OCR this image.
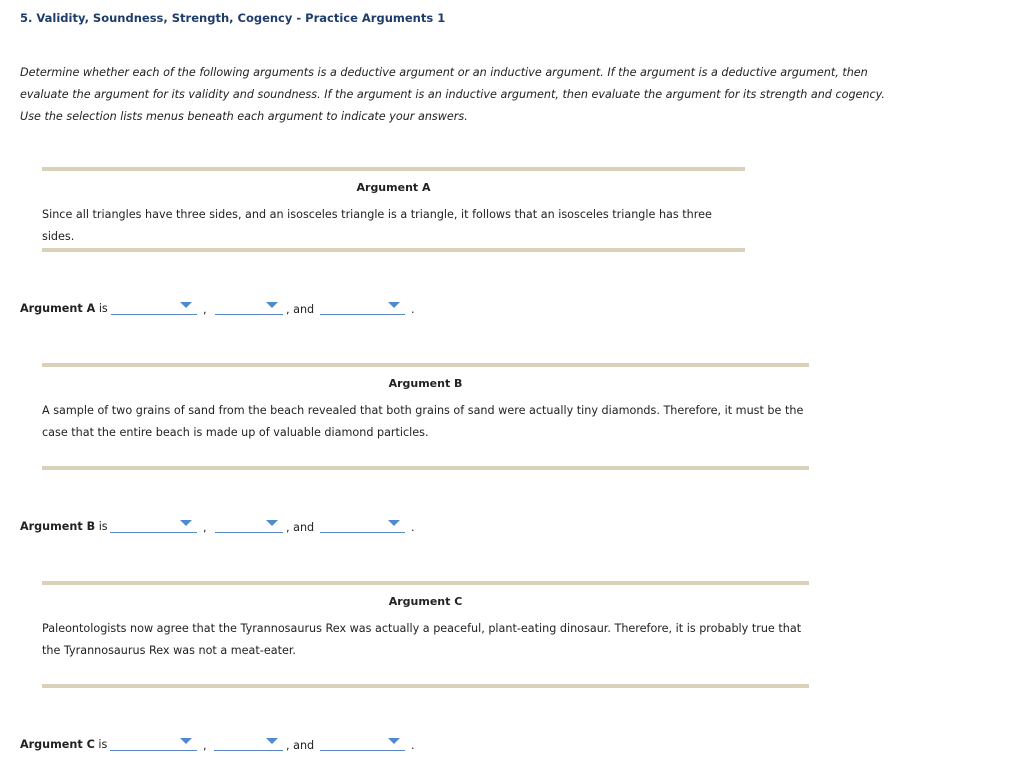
5. Validity, Soundness, Strength, Cogency - Practice Arguments 1
Determine whether each of the following arguments is a deductive argument or an inductive argument. If the argument is a deductive argument, then evaluate the argument for its validity and soundness. If the argument is an inductive argument, then evaluate the argument for its strength and cogency. Use the selection lists menus beneath each argument to indicate your answers.
Argument A
Since all triangles have three sides, and an isosceles triangle is a triangle, it follows that an isosceles triangle has three sides.
Argument A is	,	, and	.
Argument B
A sample of two grains of sand from the beach revealed that both grains of sand were actually tiny diamonds. Therefore, it must be the case that the entire beach is made up of valuable diamond particles.
Argument B is	,	, and	.
Argument C
Paleontologists now agree that the Tyrannosaurus Rex was actually a peaceful, plant-eating dinosaur. Therefore, it is probably true that the Tyrannosaurus Rex was not a meat-eater.
Argument C is	,	, and	.
